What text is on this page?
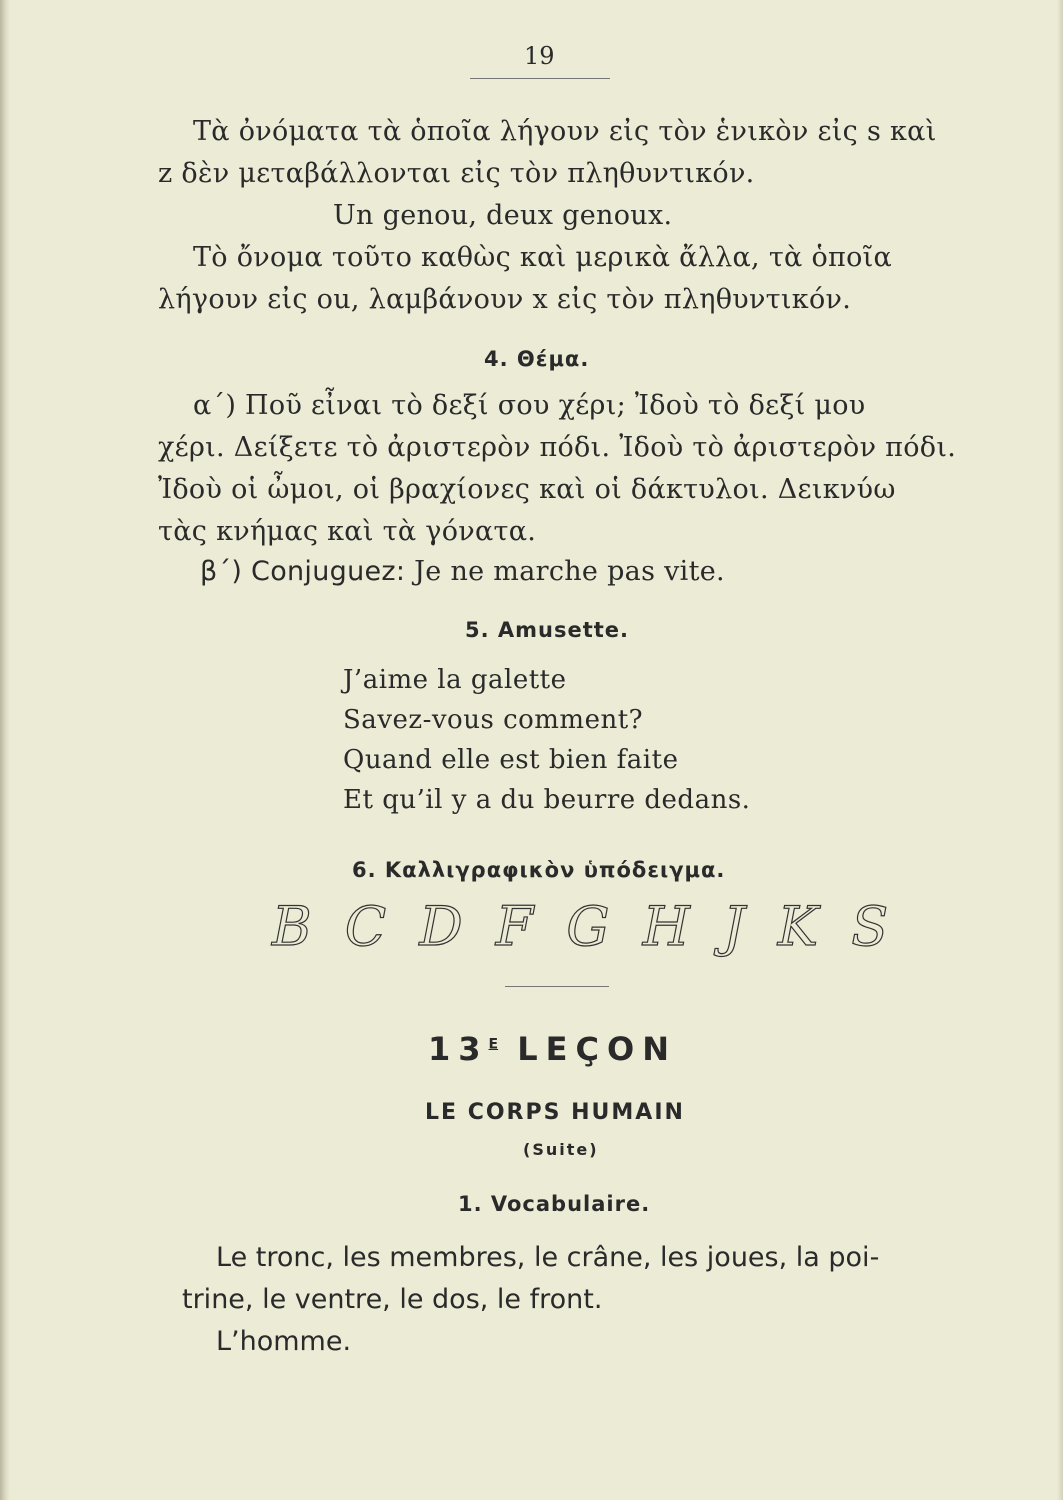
19
Τὰ ὀνόματα τὰ ὁποῖα λήγουν εἰς τὸν ἑνικὸν εἰς s καὶ
z δὲν μεταβάλλονται εἰς τὸν πληθυντικόν.
Un genou, deux genoux.
Τὸ ὄνομα τοῦτο καθὼς καὶ μερικὰ ἄλλα, τὰ ὁποῖα
λήγουν εἰς ou, λαμβάνουν x εἰς τὸν πληθυντικόν.
4. Θέμα.
α΄) Ποῦ εἶναι τὸ δεξί σου χέρι; Ἰδοὺ τὸ δεξί μου
χέρι. Δείξετε τὸ ἀριστερὸν πόδι. Ἰδοὺ τὸ ἀριστερὸν πόδι.
Ἰδοὺ οἱ ὦμοι, οἱ βραχίονες καὶ οἱ δάκτυλοι. Δεικνύω
τὰς κνήμας καὶ τὰ γόνατα.
β΄) Conjuguez: Je ne marche pas vite.
5. Amusette.
J’aime la galette
Savez-vous comment?
Quand elle est bien faite
Et qu’il y a du beurre dedans.
6. Καλλιγραφικὸν ὑπόδειγμα.
B C D F G H J K S
$13^E$ LEÇON
LE CORPS HUMAIN
(Suite)
1. Vocabulaire.
Le tronc, les membres, le crâne, les joues, la poi-
trine, le ventre, le dos, le front.
L’homme.
